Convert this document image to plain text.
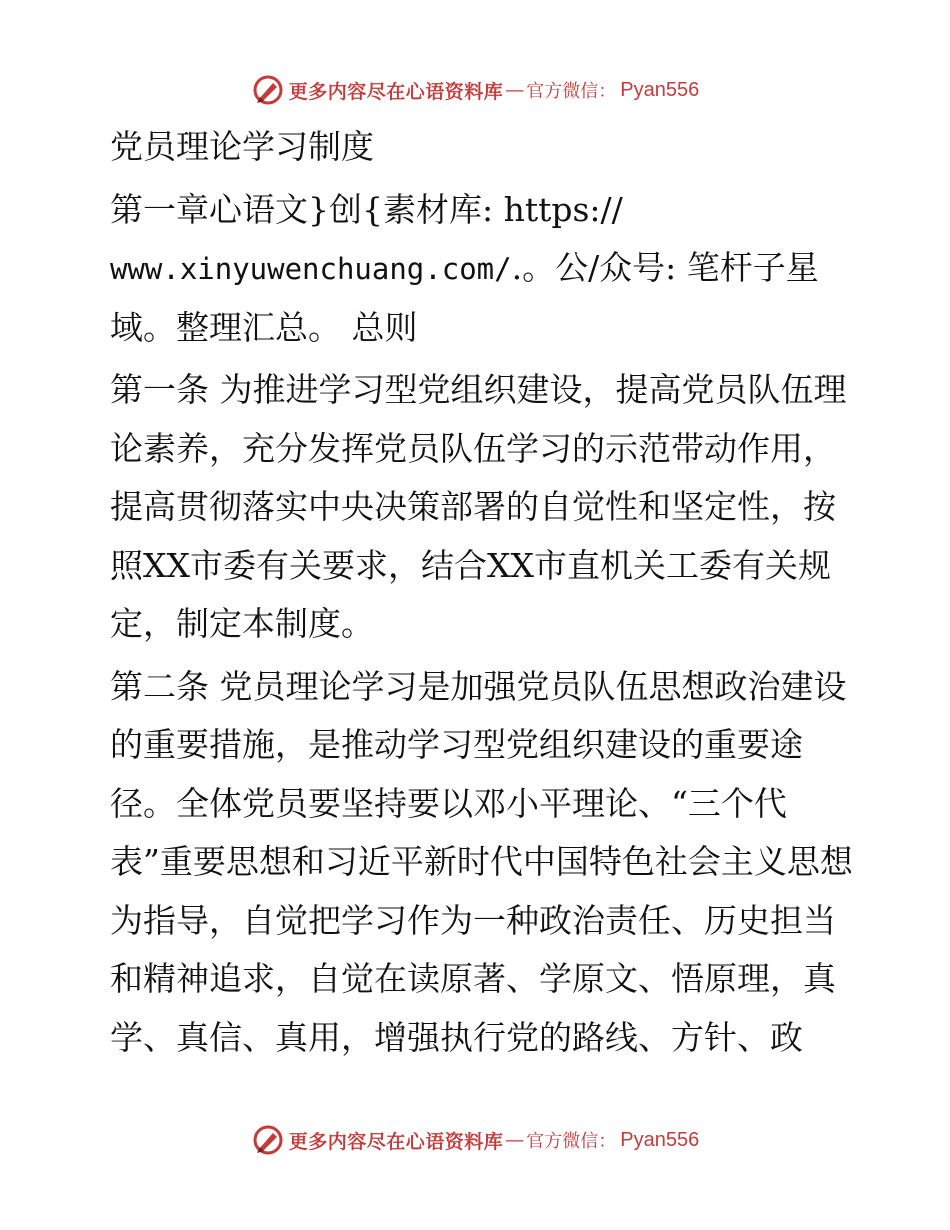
更多内容尽在心语资料库 — 官方微信： Pyan556

党员理论学习制度

第一章心语文}创{素材库: https:// www.xinyuwenchuang.com/.。公/众号: 笔杆子星域。整理汇总。 总则

第一条 为推进学习型党组织建设，提高党员队伍理论素养，充分发挥党员队伍学习的示范带动作用，提高贯彻落实中央决策部署的自觉性和坚定性，按照XX市委有关要求，结合XX市直机关工委有关规定，制定本制度。

第二条 党员理论学习是加强党员队伍思想政治建设的重要措施，是推动学习型党组织建设的重要途径。全体党员要坚持要以邓小平理论、“三个代表”重要思想和习近平新时代中国特色社会主义思想为指导，自觉把学习作为一种政治责任、历史担当和精神追求，自觉在读原著、学原文、悟原理，真学、真信、真用，增强执行党的路线、方针、政

更多内容尽在心语资料库 — 官方微信： Pyan556
